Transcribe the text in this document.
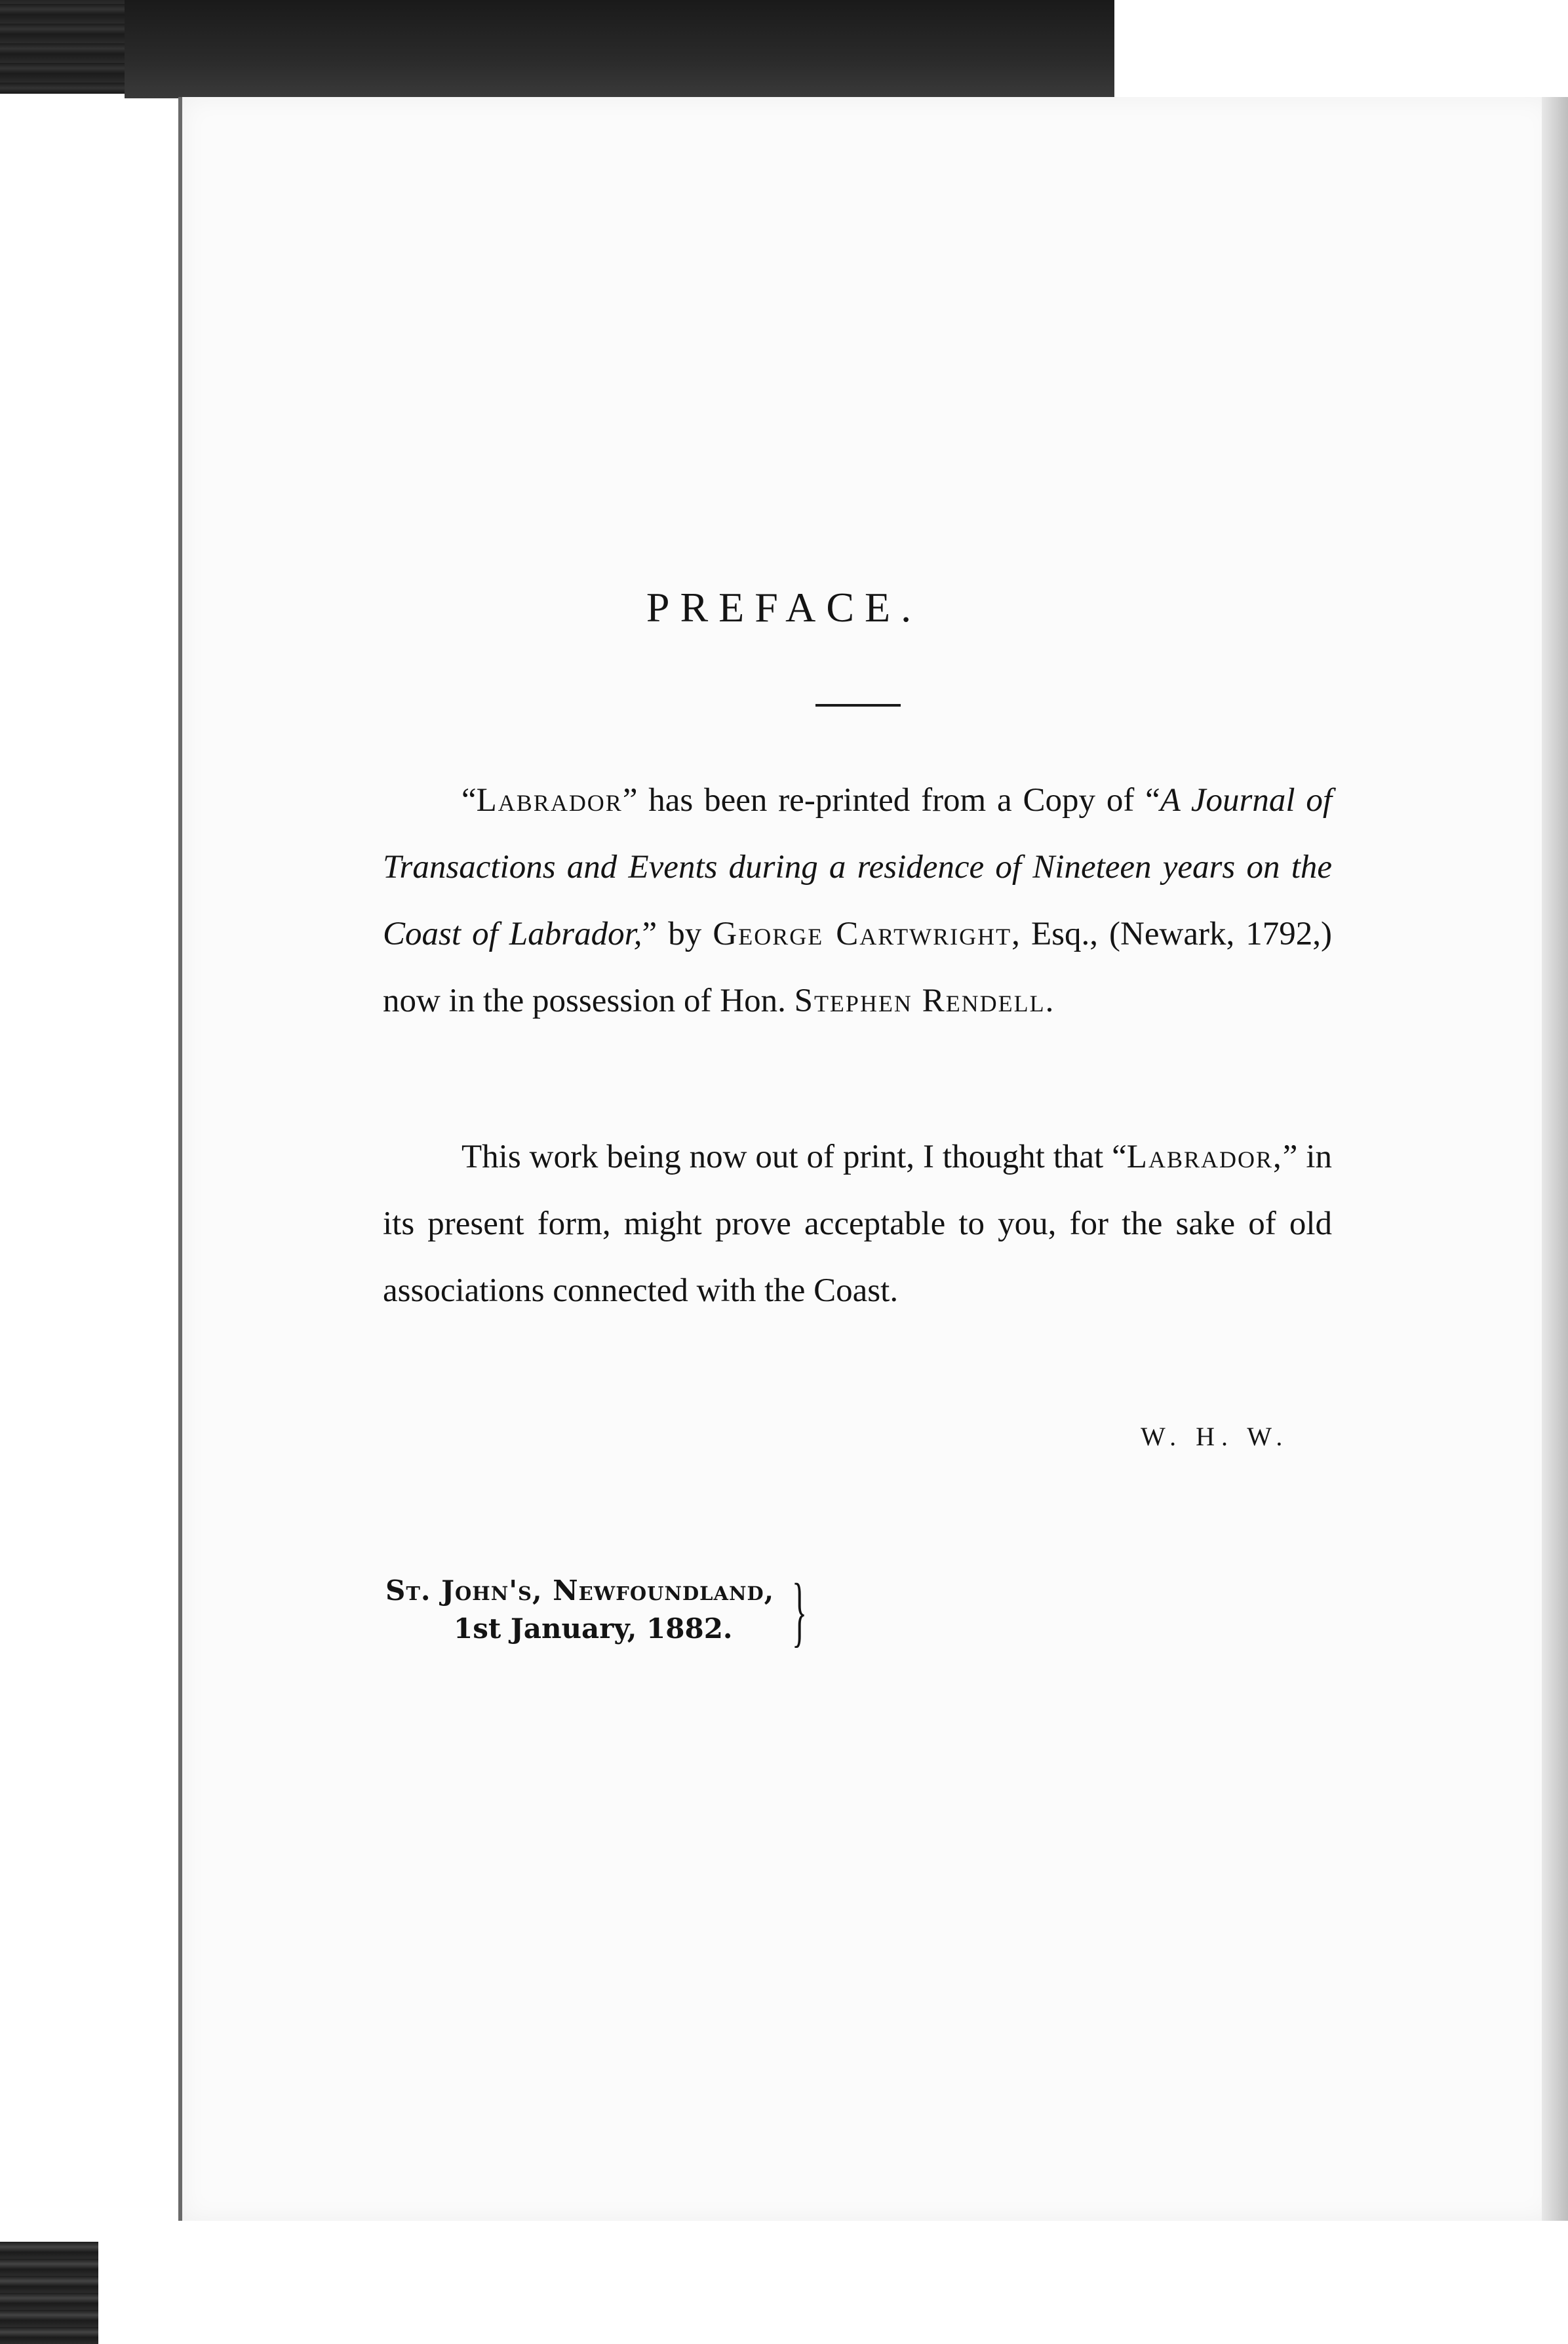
PREFACE.

“Labrador” has been re-printed from a Copy of “A Journal of Transactions and Events during a residence of Nineteen years on the Coast of Labrador,” by George Cartwright, Esq., (Newark, 1792,) now in the possession of Hon. Stephen Rendell.

This work being now out of print, I thought that “Labrador,” in its present form, might prove acceptable to you, for the sake of old associations connected with the Coast.

W. H. W.

St. John's, Newfoundland,
1st January, 1882. }
